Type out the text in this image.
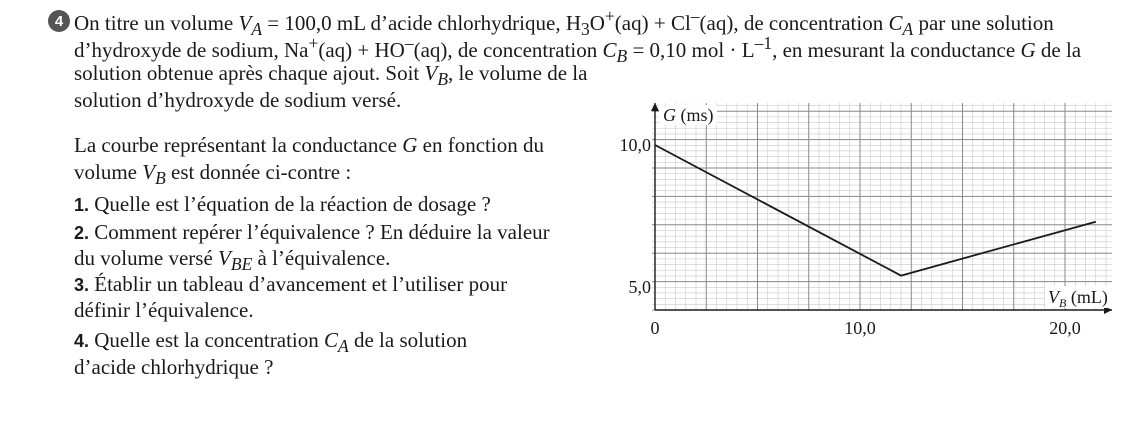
4 On titre un volume $V_A = 100,0$ mL d’acide chlorhydrique, $H_3O^+(aq) + Cl^-(aq)$, de concentration $C_A$ par une solution
d’hydroxyde de sodium, Na+(aq) + HO–(aq), de concentration $C_B = 0,10$ mol · $L^{-1}$, en mesurant la conductance G de la
solution obtenue après chaque ajout. Soit $V_B$, le volume de la
solution d’hydroxyde de sodium versé.
La courbe représentant la conductance G en fonction du
volume $V_B$ est donnée ci-contre :
1. Quelle est l’équation de la réaction de dosage ?
2. Comment repérer l’équivalence ? En déduire la valeur
du volume versé $V_{BE}$ à l’équivalence.
3. Établir un tableau d’avancement et l’utiliser pour
définir l’équivalence.
4. Quelle est la concentration $C_A$ de la solution
d’acide chlorhydrique ?
10,0
5,0
0	10,0	20,0
G (ms)
$V_B$ (mL)
